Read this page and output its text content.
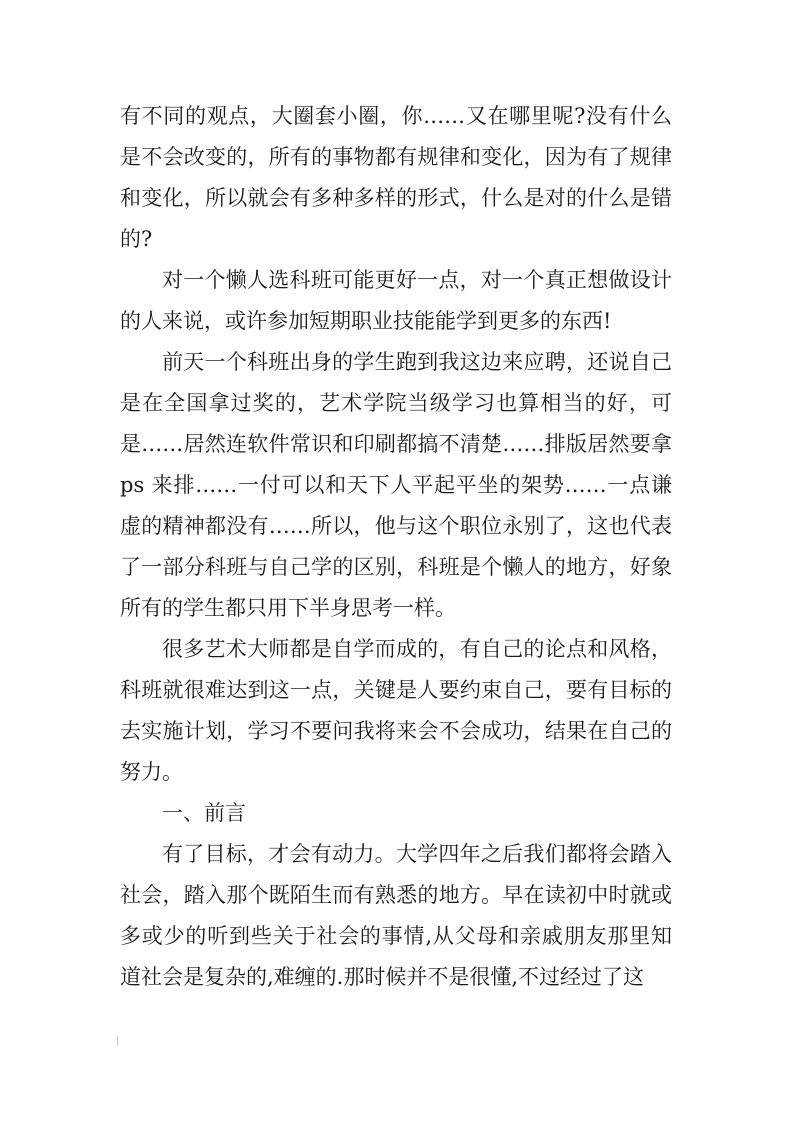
有不同的观点，大圈套小圈，你……又在哪里呢?没有什么是不会改变的，所有的事物都有规律和变化，因为有了规律和变化，所以就会有多种多样的形式，什么是对的什么是错的?

对一个懒人选科班可能更好一点，对一个真正想做设计的人来说，或许参加短期职业技能能学到更多的东西!

前天一个科班出身的学生跑到我这边来应聘，还说自己是在全国拿过奖的，艺术学院当级学习也算相当的好，可是……居然连软件常识和印刷都搞不清楚……排版居然要拿 ps 来排……一付可以和天下人平起平坐的架势……一点谦虚的精神都没有……所以，他与这个职位永别了，这也代表了一部分科班与自己学的区别，科班是个懒人的地方，好象所有的学生都只用下半身思考一样。

很多艺术大师都是自学而成的，有自己的论点和风格，科班就很难达到这一点，关键是人要约束自己，要有目标的去实施计划，学习不要问我将来会不会成功，结果在自己的努力。

一、前言

有了目标，才会有动力。大学四年之后我们都将会踏入社会，踏入那个既陌生而有熟悉的地方。早在读初中时就或多或少的听到些关于社会的事情,从父母和亲戚朋友那里知道社会是复杂的,难缠的.那时候并不是很懂,不过经过了这
